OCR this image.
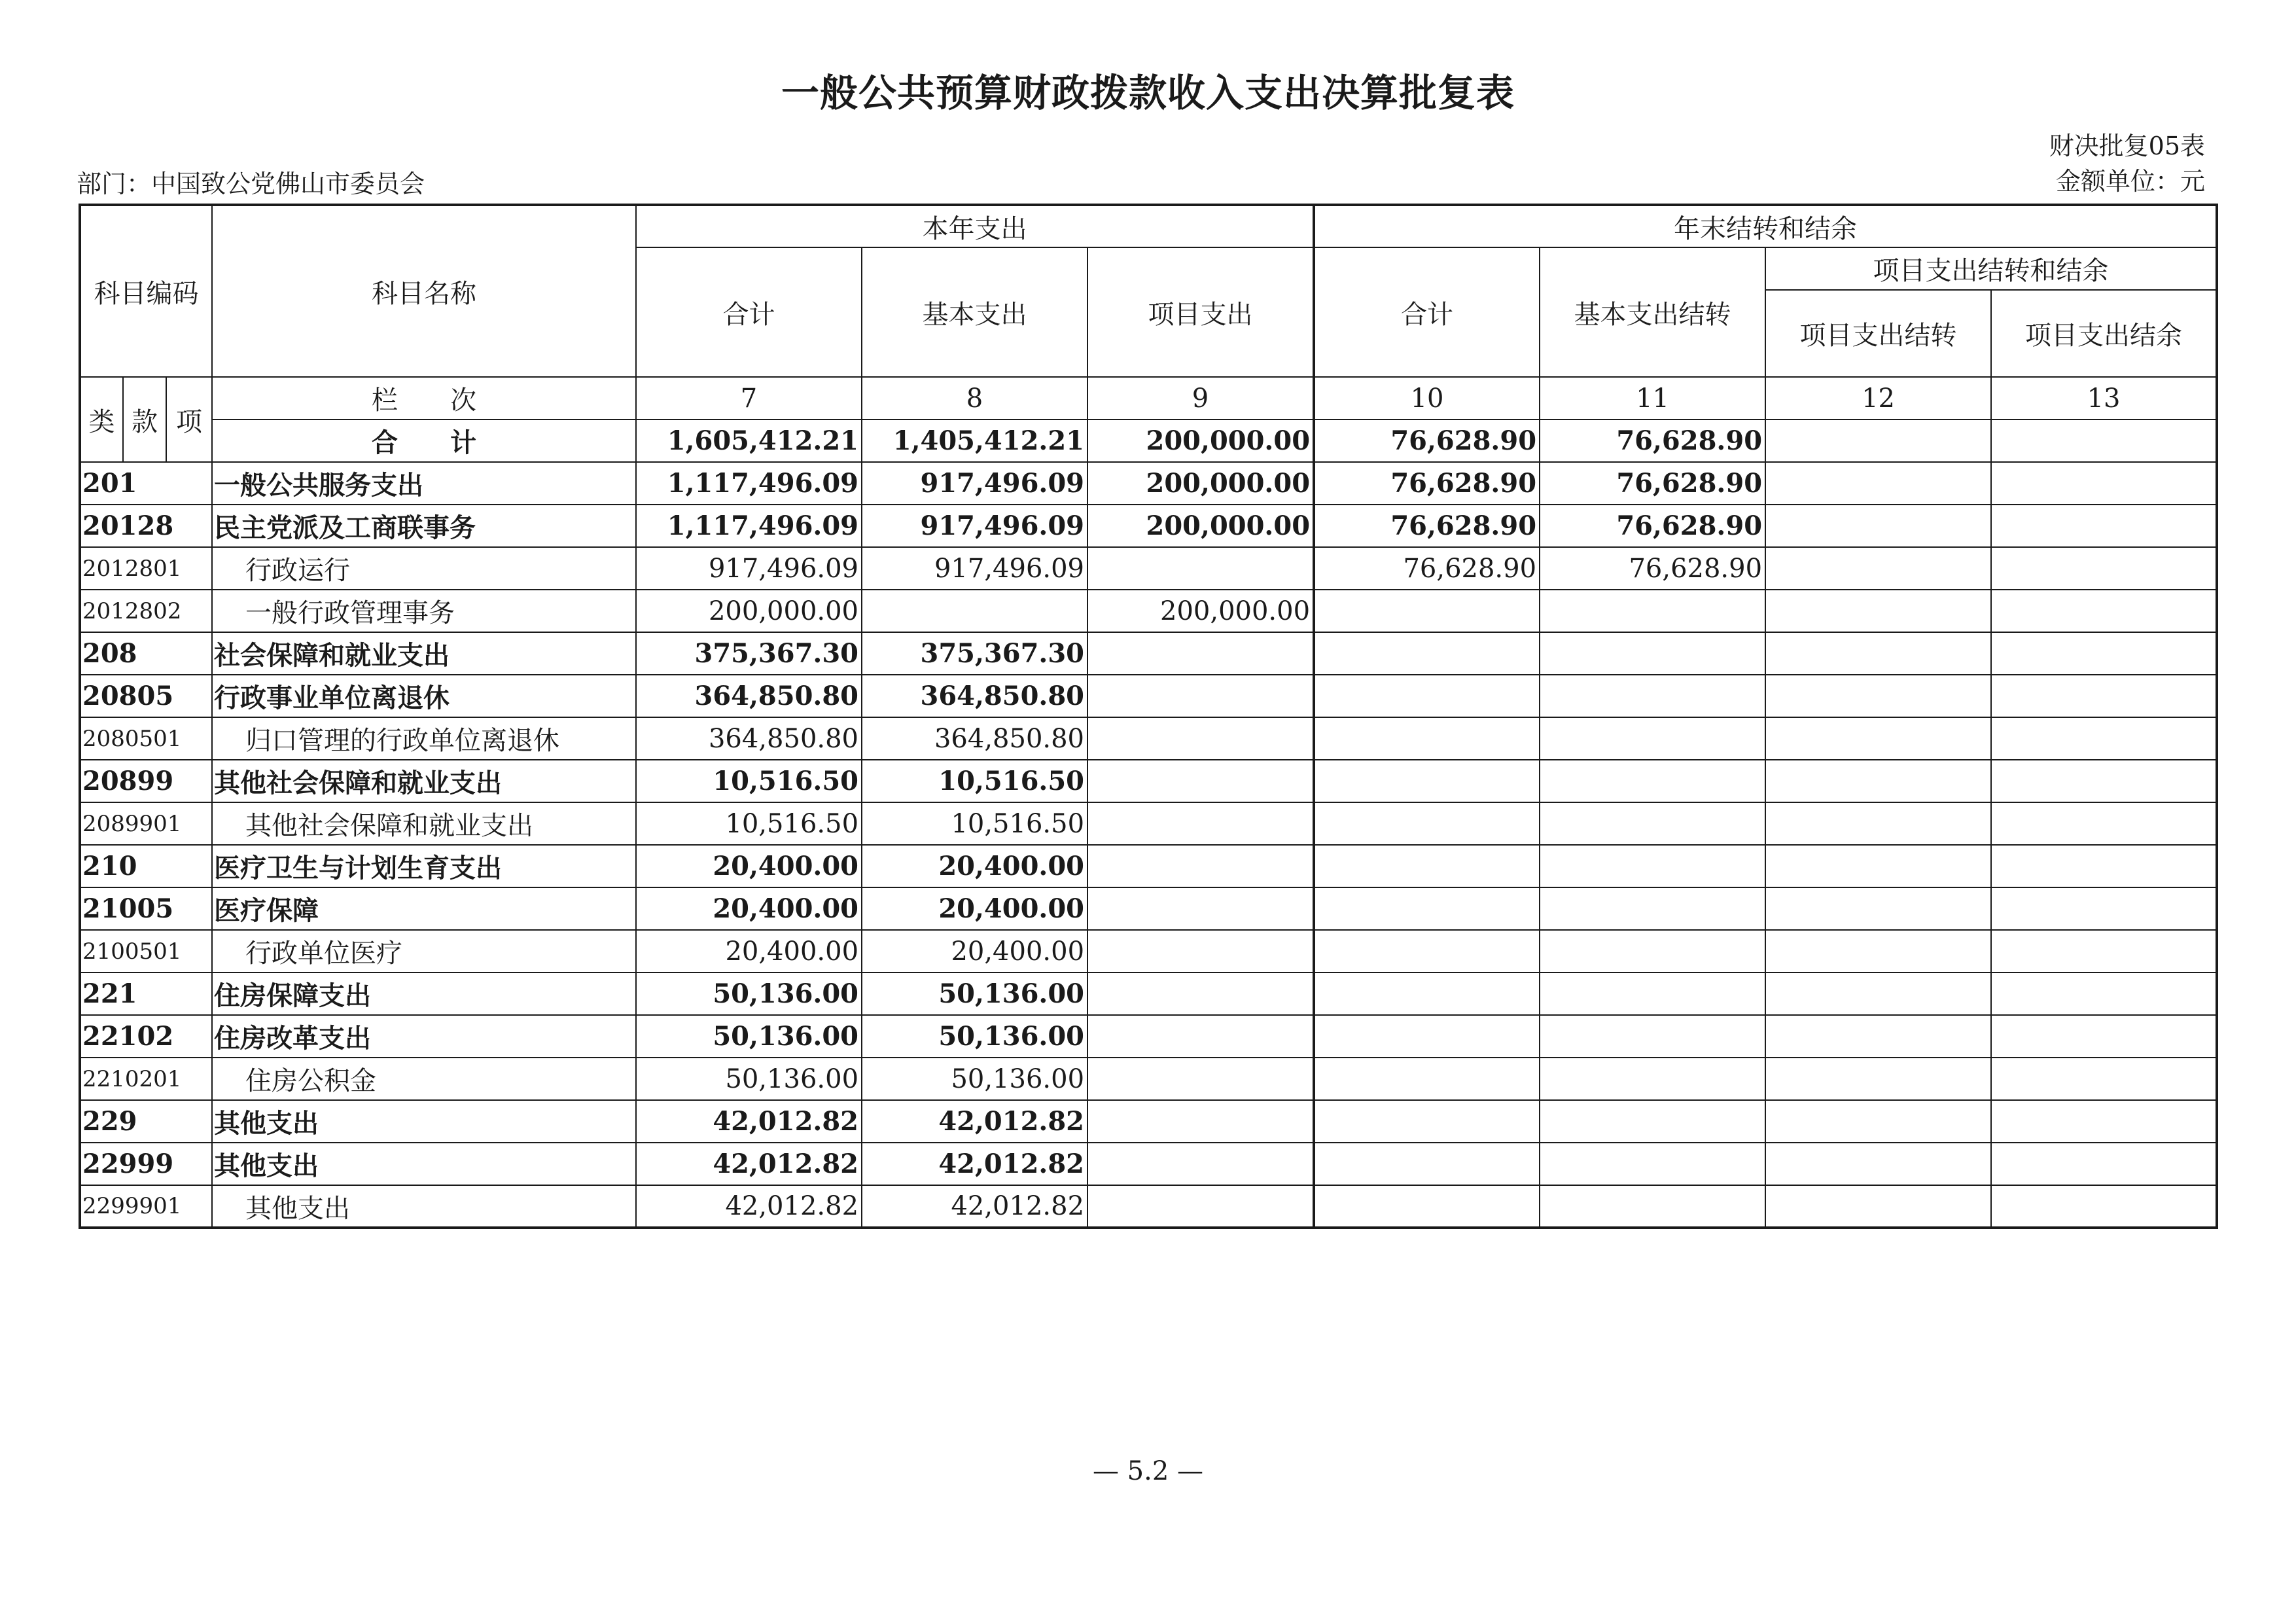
一般公共预算财政拨款收入支出决算批复表
财决批复05表
金额单位：元
部门：中国致公党佛山市委员会
科目编码			科目名称	本年支出			年末结转和结余			
				合计	基本支出	项目支出	合计	基本支出结转	项目支出结转和结余	
									项目支出结转	项目支出结余

类	款	项	栏　　次	7	8	9	10	11	12	13
			合　　计	1,605,412.21	1,405,412.21	200,000.00	76,628.90	76,628.90		
201			一般公共服务支出	1,117,496.09	917,496.09	200,000.00	76,628.90	76,628.90		
20128			民主党派及工商联事务	1,117,496.09	917,496.09	200,000.00	76,628.90	76,628.90		
2012801			行政运行	917,496.09	917,496.09		76,628.90	76,628.90		
2012802			一般行政管理事务	200,000.00		200,000.00				
208			社会保障和就业支出	375,367.30	375,367.30					
20805			行政事业单位离退休	364,850.80	364,850.80					
2080501			归口管理的行政单位离退休	364,850.80	364,850.80					
20899			其他社会保障和就业支出	10,516.50	10,516.50					
2089901			其他社会保障和就业支出	10,516.50	10,516.50					
210			医疗卫生与计划生育支出	20,400.00	20,400.00					
21005			医疗保障	20,400.00	20,400.00					
2100501			行政单位医疗	20,400.00	20,400.00					
221			住房保障支出	50,136.00	50,136.00					
22102			住房改革支出	50,136.00	50,136.00					
2210201			住房公积金	50,136.00	50,136.00					
229			其他支出	42,012.82	42,012.82					
22999			其他支出	42,012.82	42,012.82					
2299901			其他支出	42,012.82	42,012.82					
— 5.2 —
